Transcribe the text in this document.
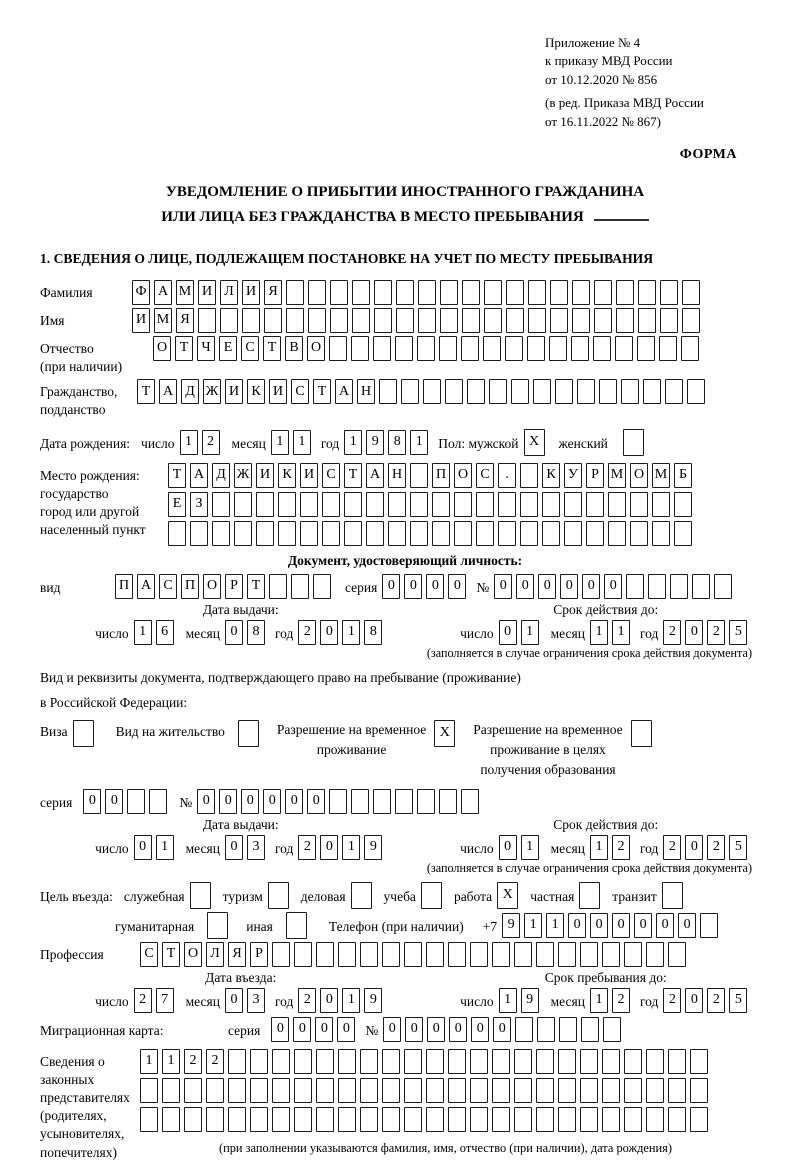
Приложение № 4
к приказу МВД России
от 10.12.2020 № 856
(в ред. Приказа МВД России
от 16.11.2022 № 867)
ФОРМА
УВЕДОМЛЕНИЕ О ПРИБЫТИИ ИНОСТРАННОГО ГРАЖДАНИНА
ИЛИ ЛИЦА БЕЗ ГРАЖДАНСТВА В МЕСТО ПРЕБЫВАНИЯ
1. СВЕДЕНИЯ О ЛИЦЕ, ПОДЛЕЖАЩЕМ ПОСТАНОВКЕ НА УЧЕТ ПО МЕСТУ ПРЕБЫВАНИЯ
Фамилия	Ф А М И Л И Я
Имя	И М Я
Отчество
(при наличии)
О Т Ч Е С Т В О
Гражданство,
подданство
Т А Д Ж И К И С Т А Н
Дата рождения: число 1	2	месяц 1	1	год 1	9	8	1	Пол: мужской X	женский
Место рождения:
государство
город или другой
населенный пункт
Т А Д Ж И К И С Т А Н П О С	.	К У Р М О М Б
Е	З
Документ, удостоверяющий личность:
вид	П А С П О Р Т	серия 0	0	0	0	№ 0	0	0	0	0	0
Дата выдачи:	Срок действия до:
число 1	6	месяц 0	8	год 2	0	1	8	число 0	1	месяц 1	1	год 2	0	2	5
(заполняется в случае ограничения срока действия документа)
Вид и реквизиты документа, подтверждающего право на пребывание (проживание)
в Российской Федерации:
Виза	Вид на жительство	Разрешение на временное
проживание
X	Разрешение на временное
проживание в целях
получения образования
серия	0	0	№ 0	0	0	0	0	0
Дата выдачи:	Срок действия до:
число 0	1	месяц 0	3	год 2	0	1	9	число 0	1	месяц 1	2	год 2	0	2	5
(заполняется в случае ограничения срока действия документа)
Цель въезда: служебная	туризм	деловая	учеба	работа X	частная	транзит
гуманитарная	иная	Телефон (при наличии) +7 9	1	1	0	0	0	0	0	0
Профессия	С Т О Л Я Р
Дата въезда:	Срок пребывания до:
число 2	7	месяц 0	3	год 2	0	1	9	число 1	9	месяц 1	2	год 2	0	2	5
Миграционная карта:	серия	0	0	0	0	№ 0	0	0	0	0	0
Сведения о
законных
представителях
(родителях,
усыновителях,
попечителях)
1	1	2	2
(при заполнении указываются фамилия, имя, отчество (при наличии), дата рождения)
